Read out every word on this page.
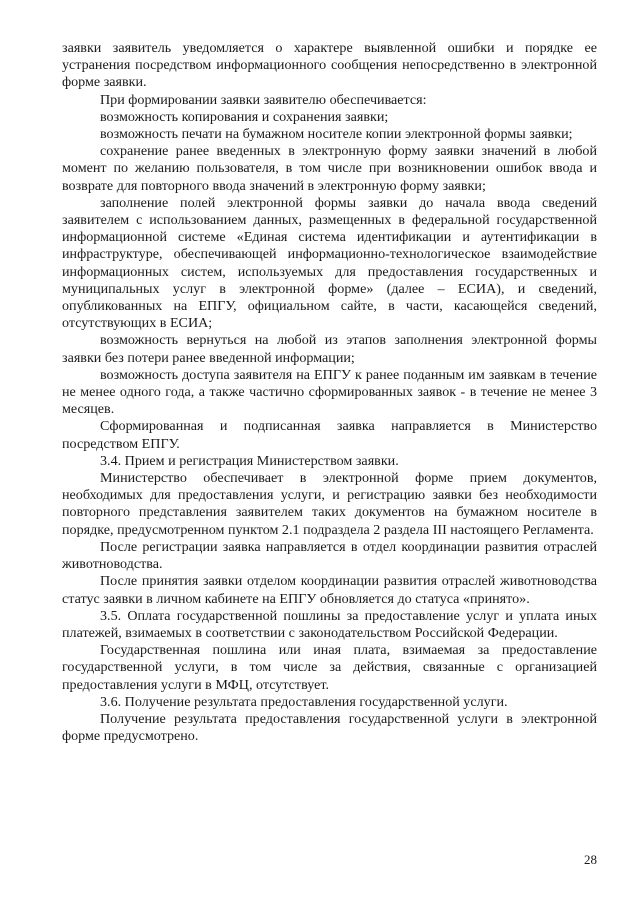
заявки заявитель уведомляется о характере выявленной ошибки и порядке ее устранения посредством информационного сообщения непосредственно в электронной форме заявки.

При формировании заявки заявителю обеспечивается:

возможность копирования и сохранения заявки;

возможность печати на бумажном носителе копии электронной формы заявки;

сохранение ранее введенных в электронную форму заявки значений в любой момент по желанию пользователя, в том числе при возникновении ошибок ввода и возврате для повторного ввода значений в электронную форму заявки;

заполнение полей электронной формы заявки до начала ввода сведений заявителем с использованием данных, размещенных в федеральной государственной информационной системе «Единая система идентификации и аутентификации в инфраструктуре, обеспечивающей информационно-технологическое взаимодействие информационных систем, используемых для предоставления государственных и муниципальных услуг в электронной форме» (далее – ЕСИА), и сведений, опубликованных на ЕПГУ, официальном сайте, в части, касающейся сведений, отсутствующих в ЕСИА;

возможность вернуться на любой из этапов заполнения электронной формы заявки без потери ранее введенной информации;

возможность доступа заявителя на ЕПГУ к ранее поданным им заявкам в течение не менее одного года, а также частично сформированных заявок - в течение не менее 3 месяцев.

Сформированная и подписанная заявка направляется в Министерство посредством ЕПГУ.

3.4. Прием и регистрация Министерством заявки.

Министерство обеспечивает в электронной форме прием документов, необходимых для предоставления услуги, и регистрацию заявки без необходимости повторного представления заявителем таких документов на бумажном носителе в порядке, предусмотренном пунктом 2.1 подраздела 2 раздела III настоящего Регламента.

После регистрации заявка направляется в отдел координации развития отраслей животноводства.

После принятия заявки отделом координации развития отраслей животноводства статус заявки в личном кабинете на ЕПГУ обновляется до статуса «принято».

3.5. Оплата государственной пошлины за предоставление услуг и уплата иных платежей, взимаемых в соответствии с законодательством Российской Федерации.

Государственная пошлина или иная плата, взимаемая за предоставление государственной услуги, в том числе за действия, связанные с организацией предоставления услуги в МФЦ, отсутствует.

3.6. Получение результата предоставления государственной услуги.

Получение результата предоставления государственной услуги в электронной форме предусмотрено.

28
